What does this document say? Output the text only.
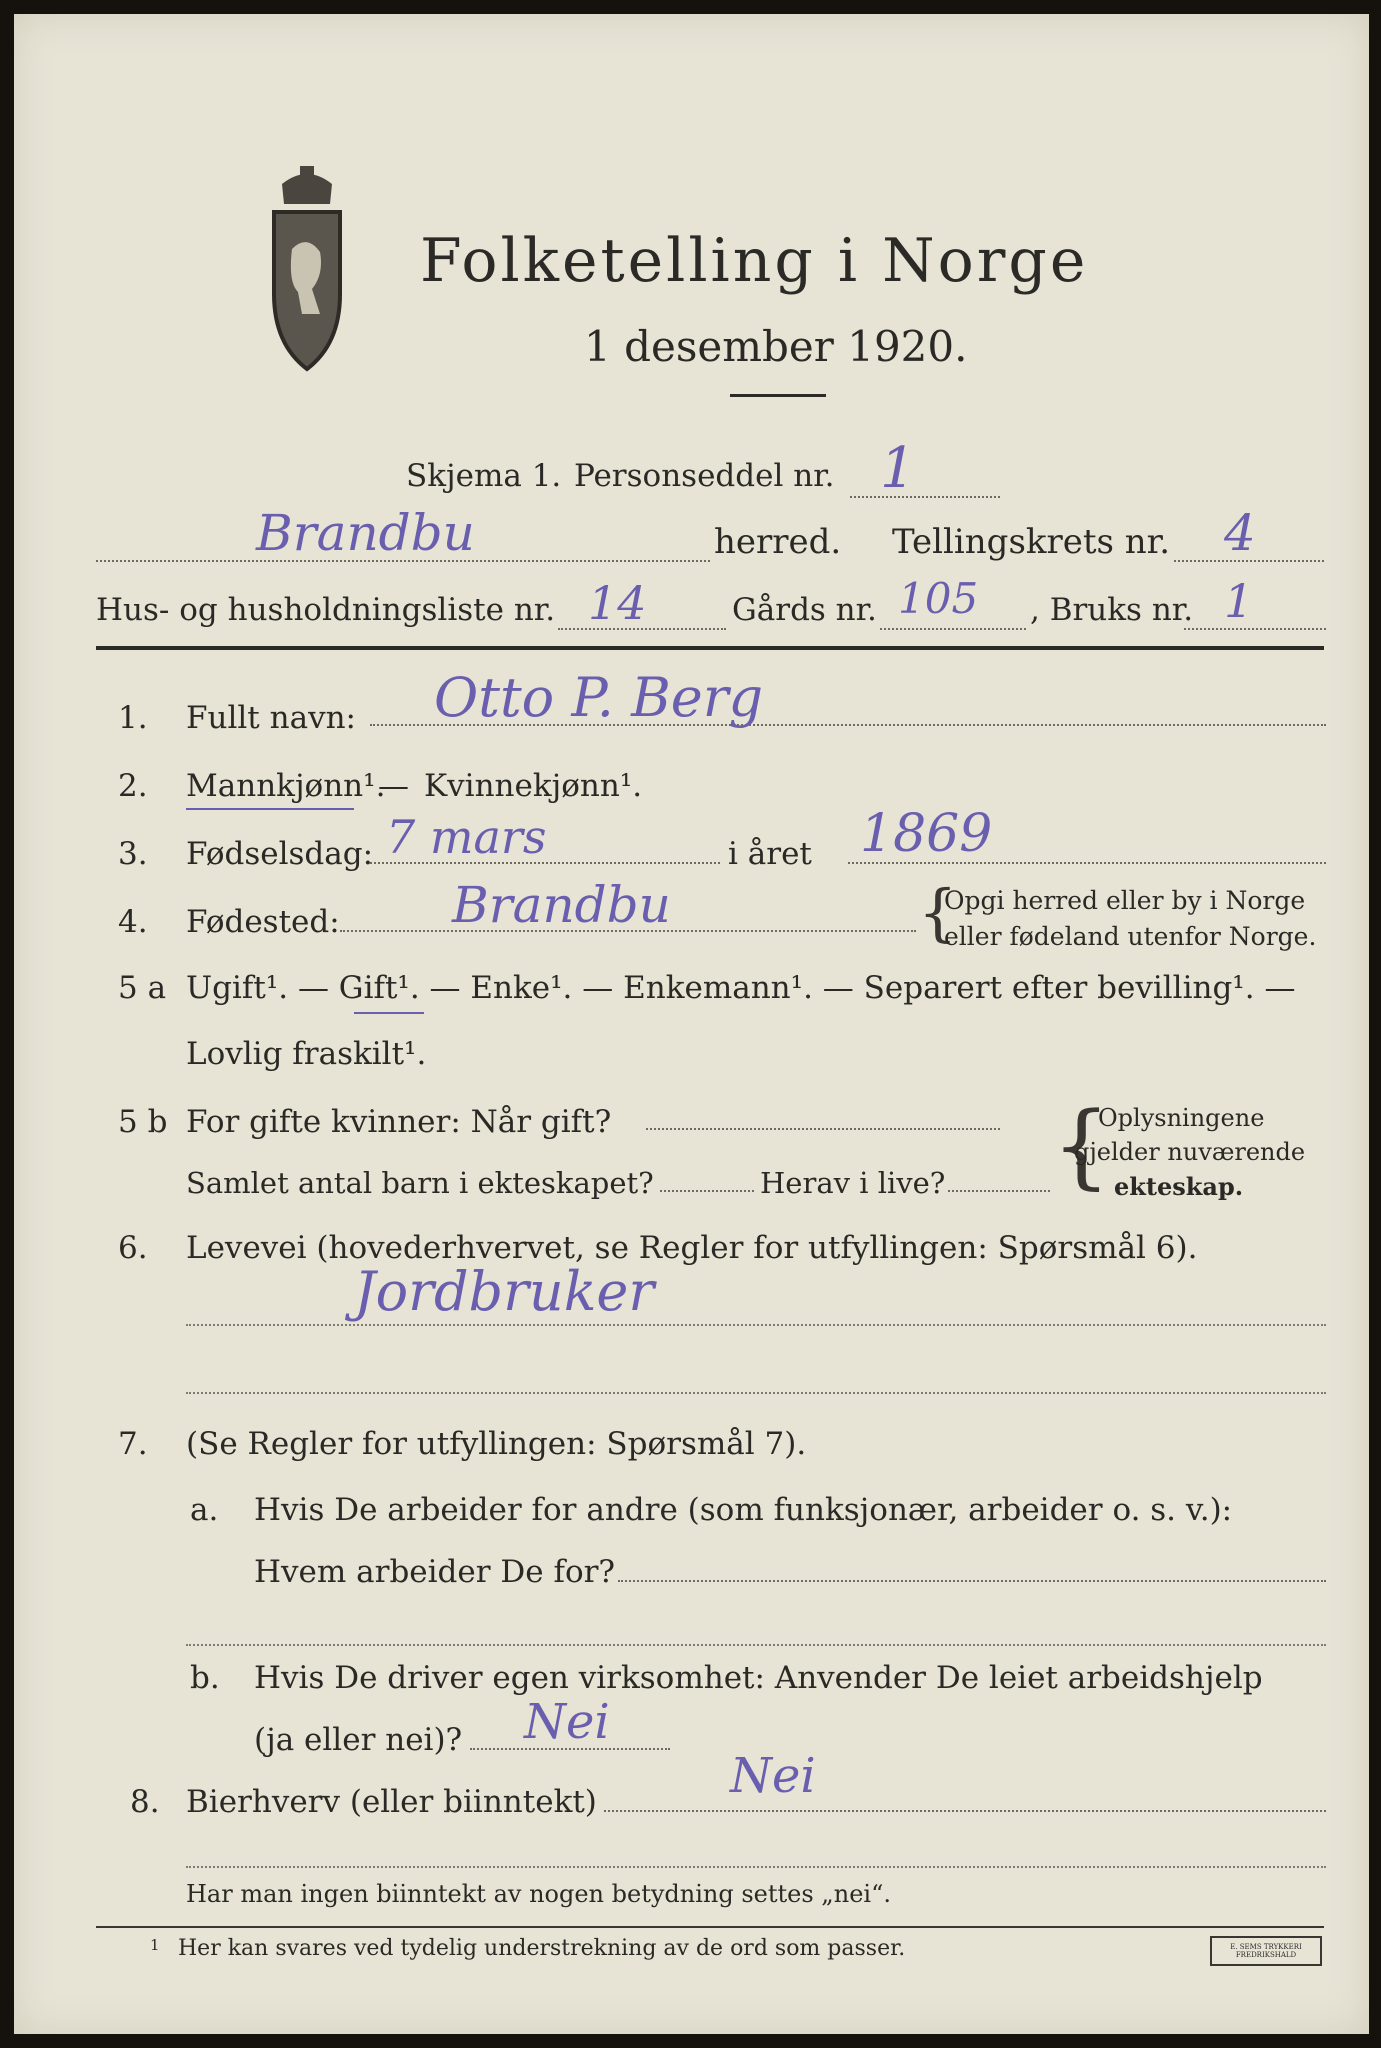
Folketelling i Norge
1 desember 1920.
Skjema 1. Personseddel nr. 1
Brandbu	herred. Tellingskrets nr. 4
Hus- og husholdningsliste nr. 14	Gårds nr. 105 , Bruks nr. 1
1. Fullt navn: Otto P. Berg
2. Mannkjønn¹.
— Kvinnekjønn¹.
3. Fødselsdag: 7 mars	i året 1869
4. Fødested: Brandbu	{
Opgi herred eller by i Norge
eller fødeland utenfor Norge.
5 a Ugift¹. — Gift¹. — Enke¹. — Enkemann¹. — Separert efter bevilling¹. —
Lovlig fraskilt¹.
5 b For gifte kvinner: Når gift?
Samlet antal barn i ekteskapet?	Herav i live? {
Oplysningene
gjelder nuværende
ekteskap.
6. Levevei (hovederhvervet, se Regler for utfyllingen: Spørsmål 6).
Jordbruker
7. (Se Regler for utfyllingen: Spørsmål 7).
a. Hvis De arbeider for andre (som funksjonær, arbeider o. s. v.):
Hvem arbeider De for?
b. Hvis De driver egen virksomhet: Anvender De leiet arbeidshjelp
(ja eller nei)? Nei
8. Bierhverv (eller biinntekt)	Nei
Har man ingen biinntekt av nogen betydning settes „nei“.
1 Her kan svares ved tydelig understrekning av de ord som passer.	E. SEMS TRYKKERI FREDRIKSHALD
